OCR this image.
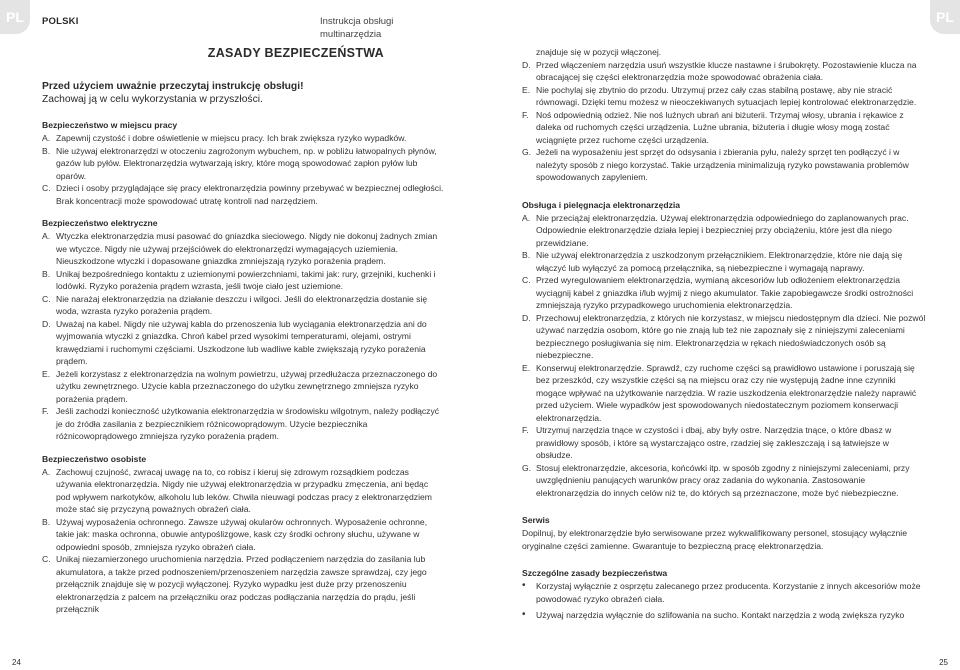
PL	PL
POLSKI	Instrukcja obsługi
multinarzędzia
ZASADY BEZPIECZEŃSTWA
Przed użyciem uważnie przeczytaj instrukcję obsługi!
Zachowaj ją w celu wykorzystania w przyszłości.
Bezpieczeństwo w miejscu pracy
A. Zapewnij czystość i dobre oświetlenie w miejscu pracy. Ich brak zwiększa ryzyko wypadków.
B. Nie używaj elektronarzędzi w otoczeniu zagrożonym wybuchem, np. w pobliżu łatwopalnych płynów, gazów lub pyłów. Elektronarzędzia wytwarzają iskry, które mogą spowodować zapłon pyłów lub oparów.
C. Dzieci i osoby przyglądające się pracy elektronarzędzia powinny przebywać w bezpiecznej odległości. Brak koncentracji może spowodować utratę kontroli nad narzędziem.
Bezpieczeństwo elektryczne
A. Wtyczka elektronarzędzia musi pasować do gniazdka sieciowego. Nigdy nie dokonuj żadnych zmian we wtyczce. Nigdy nie używaj przejściówek do elektronarzędzi wymagających uziemienia. Nieuszkodzone wtyczki i dopasowane gniazdka zmniejszają ryzyko porażenia prądem.
B. Unikaj bezpośredniego kontaktu z uziemionymi powierzchniami, takimi jak: rury, grzejniki, kuchenki i lodówki. Ryzyko porażenia prądem wzrasta, jeśli twoje ciało jest uziemione.
C. Nie narażaj elektronarzędzia na działanie deszczu i wilgoci. Jeśli do elektronarzędzia dostanie się woda, wzrasta ryzyko porażenia prądem.
D. Uważaj na kabel. Nigdy nie używaj kabla do przenoszenia lub wyciągania elektronarzędzia ani do wyjmowania wtyczki z gniazdka. Chroń kabel przed wysokimi temperaturami, olejami, ostrymi krawędziami i ruchomymi częściami. Uszkodzone lub wadliwe kable zwiększają ryzyko porażenia prądem.
E. Jeżeli korzystasz z elektronarzędzia na wolnym powietrzu, używaj przedłużacza przeznaczonego do użytku zewnętrznego. Użycie kabla przeznaczonego do użytku zewnętrznego zmniejsza ryzyko porażenia prądem.
F. Jeśli zachodzi konieczność użytkowania elektronarzędzia w środowisku wilgotnym, należy podłączyć je do źródła zasilania z bezpiecznikiem różnicowoprądowym. Użycie bezpiecznika różnicowoprądowego zmniejsza ryzyko porażenia prądem.
Bezpieczeństwo osobiste
A. Zachowuj czujność, zwracaj uwagę na to, co robisz i kieruj się zdrowym rozsądkiem podczas używania elektronarzędzia. Nigdy nie używaj elektronarzędzia w przypadku zmęczenia, ani będąc pod wpływem narkotyków, alkoholu lub leków. Chwila nieuwagi podczas pracy z elektronarzędziem może stać się przyczyną poważnych obrażeń ciała.
B. Używaj wyposażenia ochronnego. Zawsze używaj okularów ochronnych. Wyposażenie ochronne, takie jak: maska ochronna, obuwie antypoślizgowe, kask czy środki ochrony słuchu, używane w odpowiedni sposób, zmniejsza ryzyko obrażeń ciała.
C. Unikaj niezamierzonego uruchomienia narzędzia. Przed podłączeniem narzędzia do zasilania lub akumulatora, a także przed podnoszeniem/przenoszeniem narzędzia zawsze sprawdzaj, czy jego przełącznik znajduje się w pozycji wyłączonej. Ryzyko wypadku jest duże przy przenoszeniu elektronarzędzia z palcem na przełączniku oraz podczas podłączania narzędzia do prądu, jeśli przełącznik
znajduje się w pozycji włączonej.
D. Przed włączeniem narzędzia usuń wszystkie klucze nastawne i śrubokręty. Pozostawienie klucza na obracającej się części elektronarzędzia może spowodować obrażenia ciała.
E. Nie pochylaj się zbytnio do przodu. Utrzymuj przez cały czas stabilną postawę, aby nie stracić równowagi. Dzięki temu możesz w nieoczekiwanych sytuacjach lepiej kontrolować elektronarzędzie.
F. Noś odpowiednią odzież. Nie noś luźnych ubrań ani biżuterii. Trzymaj włosy, ubrania i rękawice z daleka od ruchomych części urządzenia. Luźne ubrania, biżuteria i długie włosy mogą zostać wciągnięte przez ruchome części urządzenia.
G. Jeżeli na wyposażeniu jest sprzęt do odsysania i zbierania pyłu, należy sprzęt ten podłączyć i w należyty sposób z niego korzystać. Takie urządzenia minimalizują ryzyko powstawania problemów spowodowanych zapyleniem.
Obsługa i pielęgnacja elektronarzędzia
A. Nie przeciążaj elektronarzędzia. Używaj elektronarzędzia odpowiedniego do zaplanowanych prac. Odpowiednie elektronarzędzie działa lepiej i bezpieczniej przy obciążeniu, które jest dla niego przewidziane.
B. Nie używaj elektronarzędzia z uszkodzonym przełącznikiem. Elektronarzędzie, które nie dają się włączyć lub wyłączyć za pomocą przełącznika, są niebezpieczne i wymagają naprawy.
C. Przed wyregulowaniem elektronarzędzia, wymianą akcesoriów lub odłożeniem elektronarzędzia wyciągnij kabel z gniazdka i/lub wyjmij z niego akumulator. Takie zapobiegawcze środki ostrożności zmniejszają ryzyko przypadkowego uruchomienia elektronarzędzia.
D. Przechowuj elektronarzędzia, z których nie korzystasz, w miejscu niedostępnym dla dzieci. Nie pozwól używać narzędzia osobom, które go nie znają lub też nie zapoznały się z niniejszymi zaleceniami bezpiecznego posługiwania się nim. Elektronarzędzia w rękach niedoświadczonych osób są niebezpieczne.
E. Konserwuj elektronarzędzie. Sprawdź, czy ruchome części są prawidłowo ustawione i poruszają się bez przeszkód, czy wszystkie części są na miejscu oraz czy nie występują żadne inne czynniki mogące wpływać na użytkowanie narzędzia. W razie uszkodzenia elektronarzędzie należy naprawić przed użyciem. Wiele wypadków jest spowodowanych niedostatecznym poziomem konserwacji elektronarzędzia.
F. Utrzymuj narzędzia tnące w czystości i dbaj, aby były ostre. Narzędzia tnące, o które dbasz w prawidłowy sposób, i które są wystarczająco ostre, rzadziej się zakleszczają i są łatwiejsze w obsłudze.
G. Stosuj elektronarzędzie, akcesoria, końcówki itp. w sposób zgodny z niniejszymi zaleceniami, przy uwzględnieniu panujących warunków pracy oraz zadania do wykonania. Zastosowanie elektronarzędzia do innych celów niż te, do których są przeznaczone, może być niebezpieczne.
Serwis
Dopilnuj, by elektronarzędzie było serwisowane przez wykwalifikowany personel, stosujący wyłącznie oryginalne części zamienne. Gwarantuje to bezpieczną pracę elektronarzędzia.
Szczególne zasady bezpieczeństwa
•	Korzystaj wyłącznie z osprzętu zalecanego przez producenta. Korzystanie z innych akcesoriów może powodować ryzyko obrażeń ciała.
•	Używaj narzędzia wyłącznie do szlifowania na sucho. Kontakt narzędzia z wodą zwiększa ryzyko
24	25
